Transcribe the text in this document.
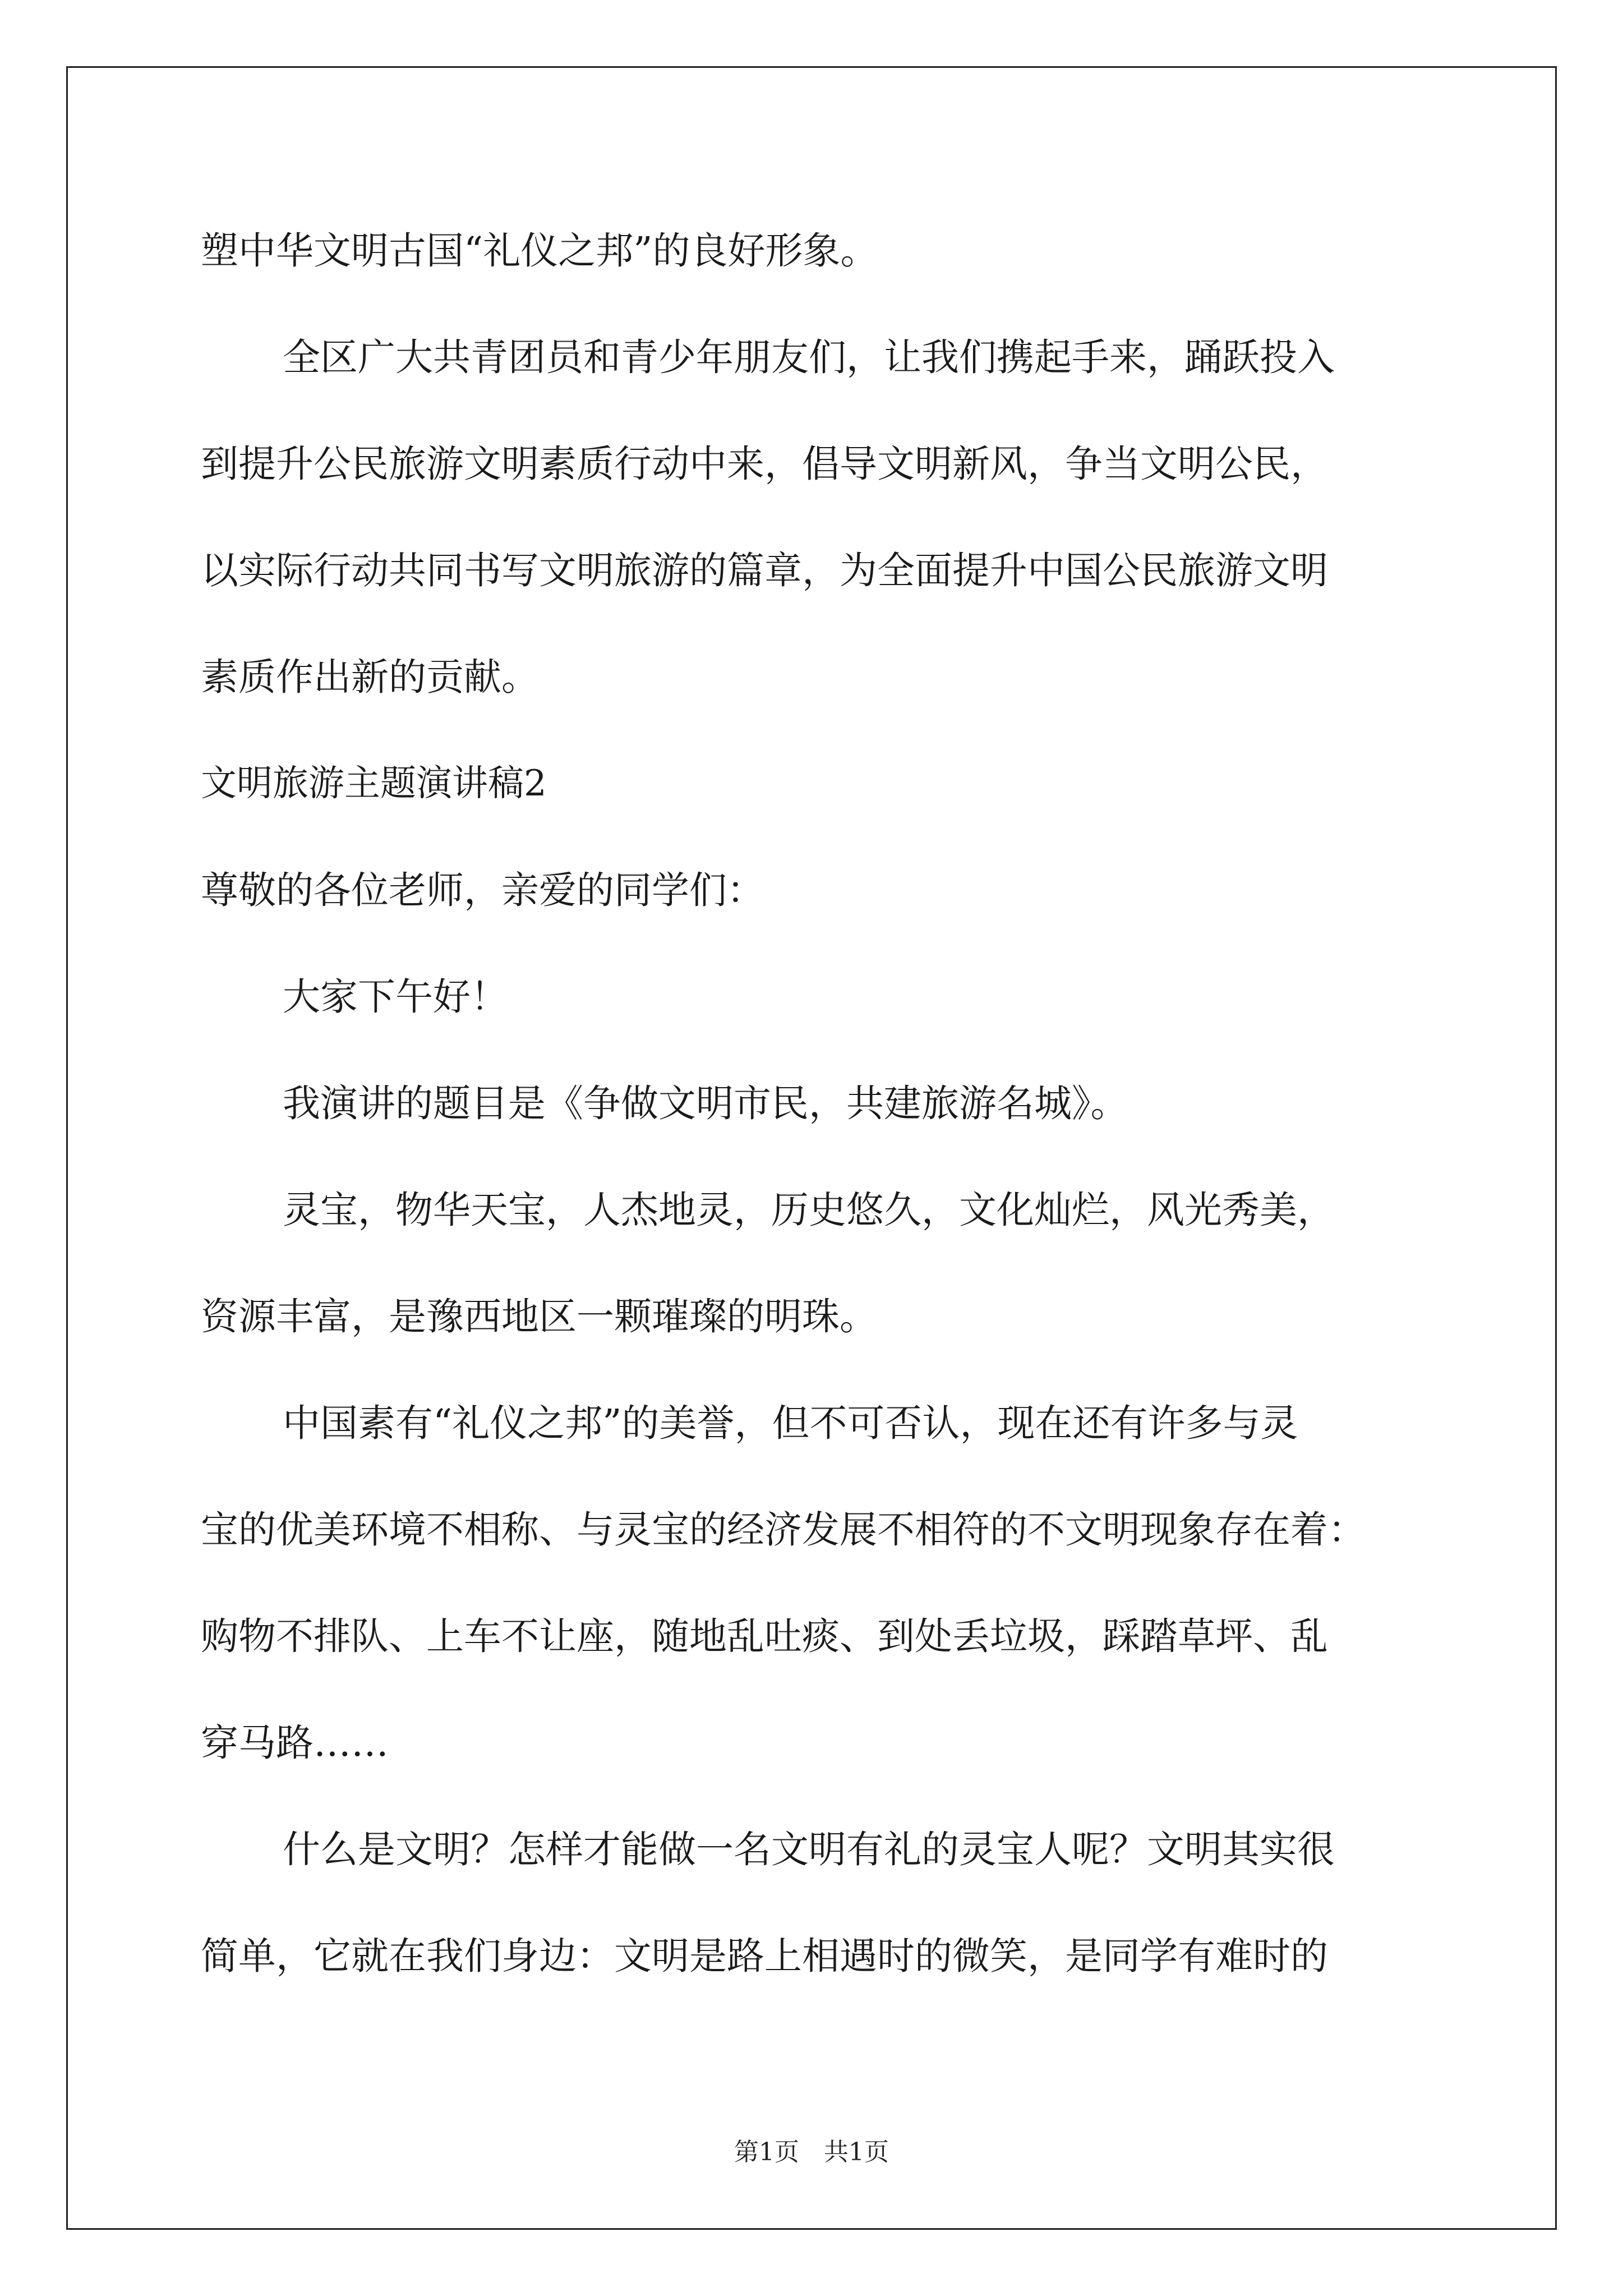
塑中华文明古国“礼仪之邦”的良好形象。
全区广大共青团员和青少年朋友们，让我们携起手来，踊跃投入
到提升公民旅游文明素质行动中来，倡导文明新风，争当文明公民，
以实际行动共同书写文明旅游的篇章，为全面提升中国公民旅游文明
素质作出新的贡献。
文明旅游主题演讲稿2
尊敬的各位老师，亲爱的同学们：
大家下午好！
我演讲的题目是《争做文明市民，共建旅游名城》。
灵宝，物华天宝，人杰地灵，历史悠久，文化灿烂，风光秀美，
资源丰富，是豫西地区一颗璀璨的明珠。
中国素有“礼仪之邦”的美誉，但不可否认，现在还有许多与灵
宝的优美环境不相称、与灵宝的经济发展不相符的不文明现象存在着：
购物不排队、上车不让座，随地乱吐痰、到处丢垃圾，踩踏草坪、乱
穿马路……
什么是文明？怎样才能做一名文明有礼的灵宝人呢？文明其实很
简单，它就在我们身边：文明是路上相遇时的微笑，是同学有难时的
第1页　共1页
